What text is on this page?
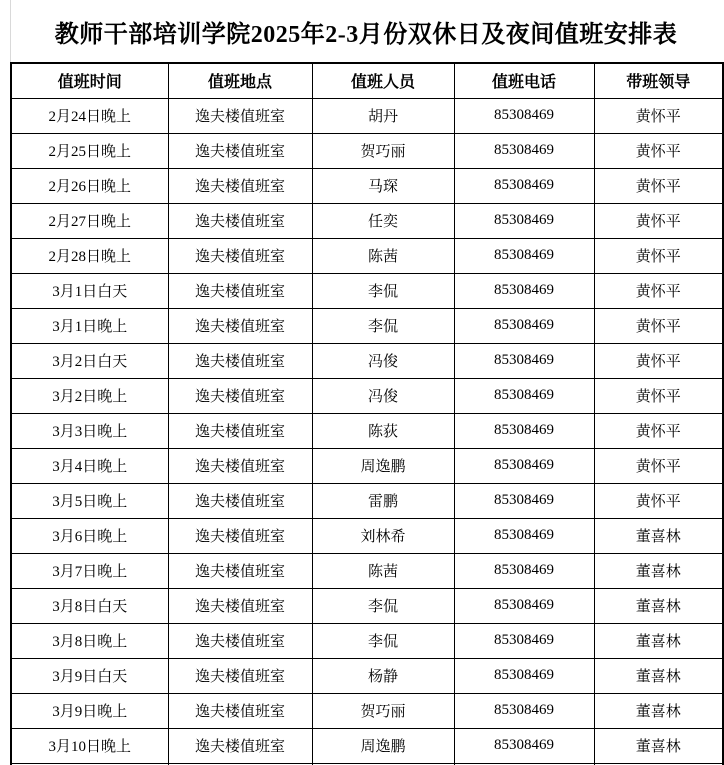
教师干部培训学院2025年2-3月份双休日及夜间值班安排表
值班时间	值班地点	值班人员	值班电话	带班领导
2月24日晚上	逸夫楼值班室	胡丹	85308469	黄怀平
2月25日晚上	逸夫楼值班室	贺巧丽	85308469	黄怀平
2月26日晚上	逸夫楼值班室	马琛	85308469	黄怀平
2月27日晚上	逸夫楼值班室	任奕	85308469	黄怀平
2月28日晚上	逸夫楼值班室	陈茜	85308469	黄怀平
3月1日白天	逸夫楼值班室	李侃	85308469	黄怀平
3月1日晚上	逸夫楼值班室	李侃	85308469	黄怀平
3月2日白天	逸夫楼值班室	冯俊	85308469	黄怀平
3月2日晚上	逸夫楼值班室	冯俊	85308469	黄怀平
3月3日晚上	逸夫楼值班室	陈荻	85308469	黄怀平
3月4日晚上	逸夫楼值班室	周逸鹏	85308469	黄怀平
3月5日晚上	逸夫楼值班室	雷鹏	85308469	黄怀平
3月6日晚上	逸夫楼值班室	刘林希	85308469	董喜林
3月7日晚上	逸夫楼值班室	陈茜	85308469	董喜林
3月8日白天	逸夫楼值班室	李侃	85308469	董喜林
3月8日晚上	逸夫楼值班室	李侃	85308469	董喜林
3月9日白天	逸夫楼值班室	杨静	85308469	董喜林
3月9日晚上	逸夫楼值班室	贺巧丽	85308469	董喜林
3月10日晚上	逸夫楼值班室	周逸鹏	85308469	董喜林
